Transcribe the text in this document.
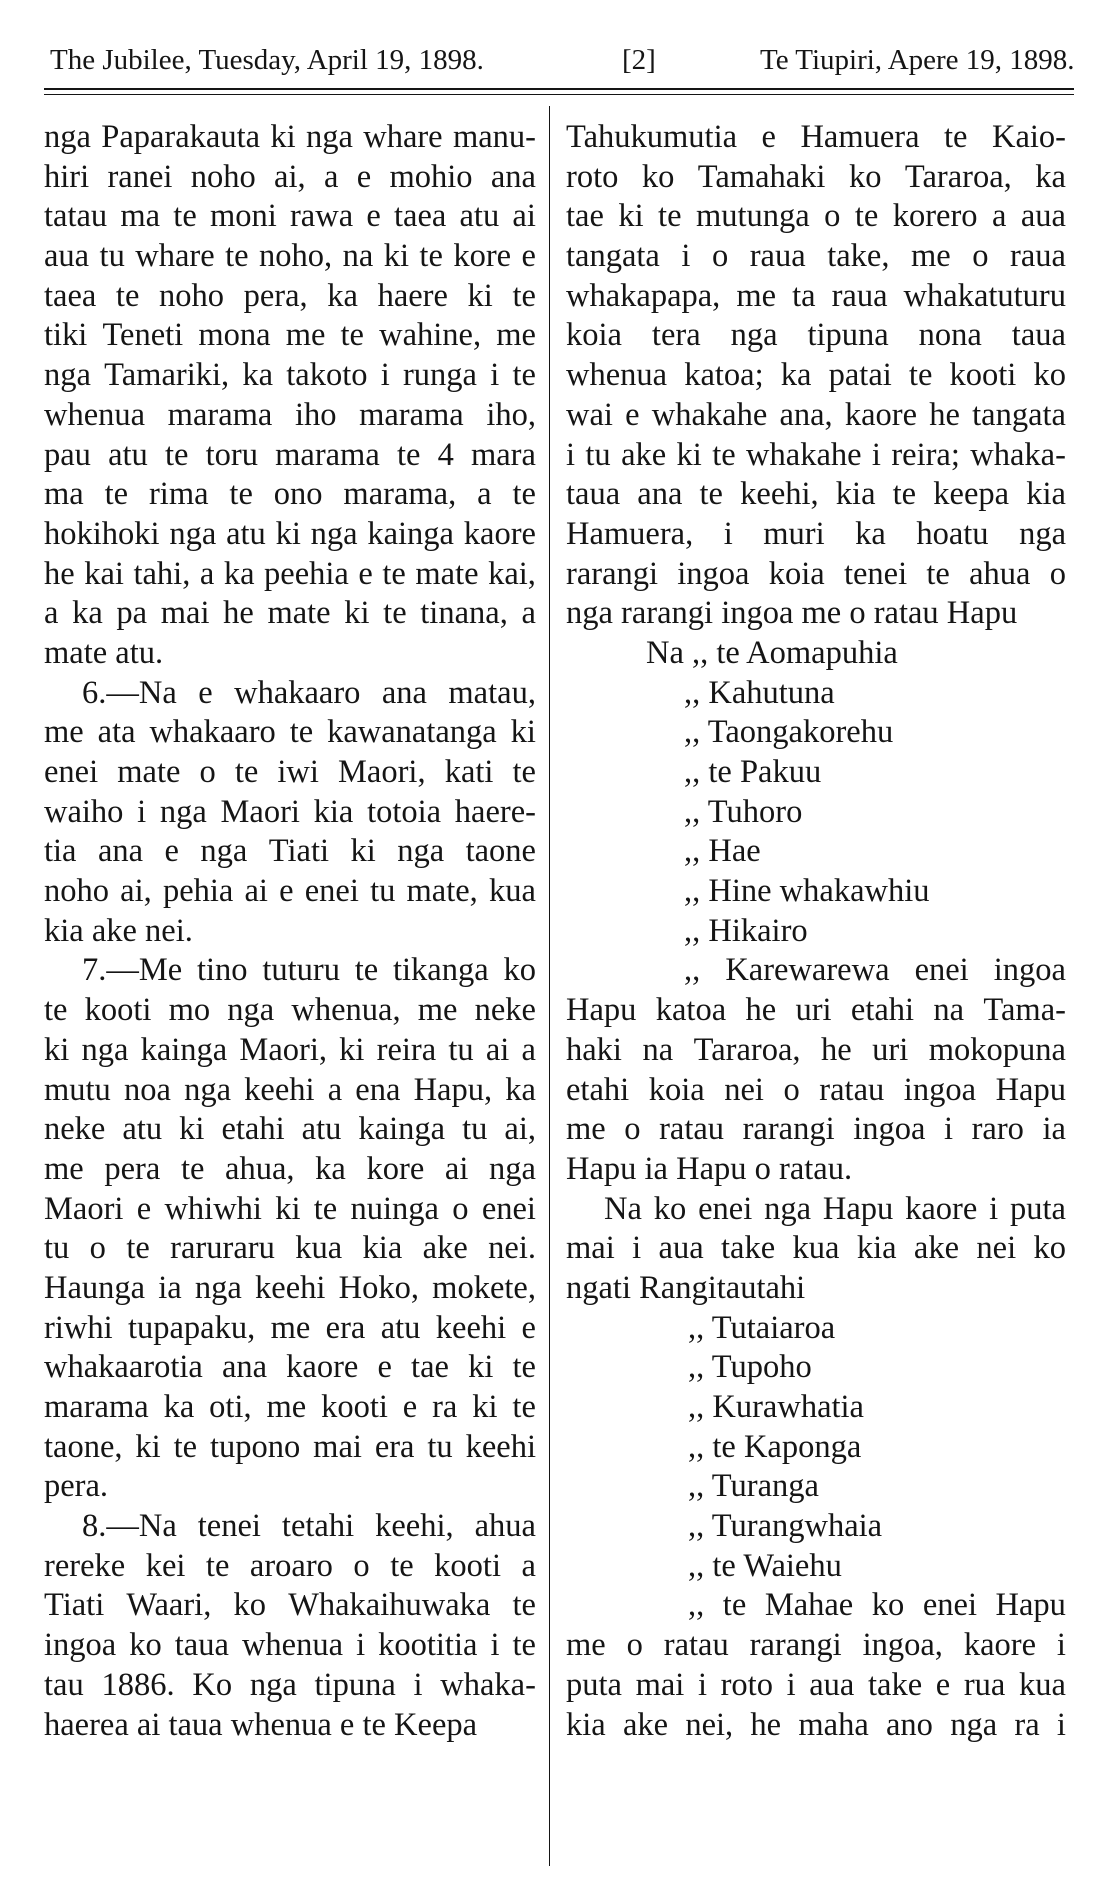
The Jubilee, Tuesday, April 19, 1898.	[2]	Te Tiupiri, Apere 19, 1898.
nga Paparakauta ki nga whare manu-
hiri ranei noho ai, a e mohio ana
tatau ma te moni rawa e taea atu ai
aua tu whare te noho, na ki te kore e
taea te noho pera, ka haere ki te
tiki Teneti mona me te wahine, me
nga Tamariki, ka takoto i runga i te
whenua marama iho marama iho,
pau atu te toru marama te 4 mara
ma te rima te ono marama, a te
hokihoki nga atu ki nga kainga kaore
he kai tahi, a ka peehia e te mate kai,
a ka pa mai he mate ki te tinana, a
mate atu.
6.—Na e whakaaro ana matau,
me ata whakaaro te kawanatanga ki
enei mate o te iwi Maori, kati te
waiho i nga Maori kia totoia haere-
tia ana e nga Tiati ki nga taone
noho ai, pehia ai e enei tu mate, kua
kia ake nei.
7.—Me tino tuturu te tikanga ko
te kooti mo nga whenua, me neke
ki nga kainga Maori, ki reira tu ai a
mutu noa nga keehi a ena Hapu, ka
neke atu ki etahi atu kainga tu ai,
me pera te ahua, ka kore ai nga
Maori e whiwhi ki te nuinga o enei
tu o te raruraru kua kia ake nei.
Haunga ia nga keehi Hoko, mokete,
riwhi tupapaku, me era atu keehi e
whakaarotia ana kaore e tae ki te
marama ka oti, me kooti e ra ki te
taone, ki te tupono mai era tu keehi
pera.
8.—Na tenei tetahi keehi, ahua
rereke kei te aroaro o te kooti a
Tiati Waari, ko Whakaihuwaka te
ingoa ko taua whenua i kootitia i te
tau 1886. Ko nga tipuna i whaka-
haerea ai taua whenua e te Keepa
Tahukumutia e Hamuera te Kaio-
roto ko Tamahaki ko Tararoa, ka
tae ki te mutunga o te korero a aua
tangata i o raua take, me o raua
whakapapa, me ta raua whakatuturu
koia tera nga tipuna nona taua
whenua katoa; ka patai te kooti ko
wai e whakahe ana, kaore he tangata
i tu ake ki te whakahe i reira; whaka-
taua ana te keehi, kia te keepa kia
Hamuera, i muri ka hoatu nga
rarangi ingoa koia tenei te ahua o
nga rarangi ingoa me o ratau Hapu
Na ,, te Aomapuhia
,, Kahutuna
,, Taongakorehu
,, te Pakuu
,, Tuhoro
,, Hae
,, Hine whakawhiu
,, Hikairo
,, Karewarewa enei ingoa
Hapu katoa he uri etahi na Tama-
haki na Tararoa, he uri mokopuna
etahi koia nei o ratau ingoa Hapu
me o ratau rarangi ingoa i raro ia
Hapu ia Hapu o ratau.
Na ko enei nga Hapu kaore i puta
mai i aua take kua kia ake nei ko
ngati Rangitautahi
,, Tutaiaroa
,, Tupoho
,, Kurawhatia
,, te Kaponga
,, Turanga
,, Turangwhaia
,, te Waiehu
,, te Mahae ko enei Hapu
me o ratau rarangi ingoa, kaore i
puta mai i roto i aua take e rua kua
kia ake nei, he maha ano nga ra i
